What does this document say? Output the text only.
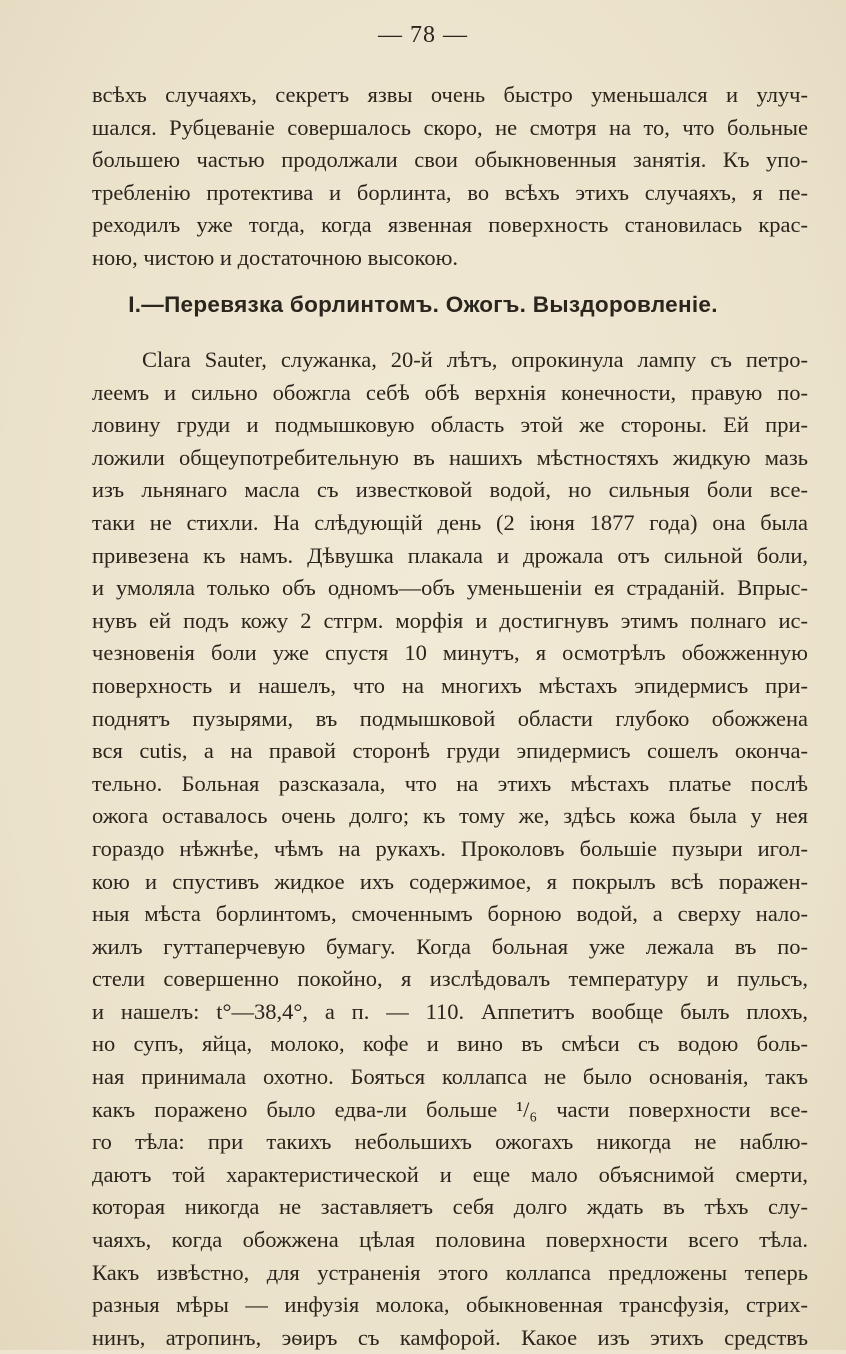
— 78 —
всѣхъ случаяхъ, секретъ язвы очень быстро уменьшался и улуч-
шался. Рубцеваніе совершалось скоро, не смотря на то, что больные
большею частью продолжали свои обыкновенныя занятія. Къ упо-
требленію протектива и борлинта, во всѣхъ этихъ случаяхъ, я пе-
реходилъ уже тогда, когда язвенная поверхность становилась крас-
ною, чистою и достаточною высокою.
I.—Перевязка борлинтомъ. Ожогъ. Выздоровленіе.
Clara Sauter, служанка, 20-й лѣтъ, опрокинула лампу съ петро-
леемъ и сильно обожгла себѣ обѣ верхнія конечности, правую по-
ловину груди и подмышковую область этой же стороны. Ей при-
ложили общеупотребительную въ нашихъ мѣстностяхъ жидкую мазь
изъ льнянаго масла съ известковой водой, но сильныя боли все-
таки не стихли. На слѣдующій день (2 іюня 1877 года) она была
привезена къ намъ. Дѣвушка плакала и дрожала отъ сильной боли,
и умоляла только объ одномъ—объ уменьшеніи ея страданій. Впрыс-
нувъ ей подъ кожу 2 стгрм. морфія и достигнувъ этимъ полнаго ис-
чезновенія боли уже спустя 10 минутъ, я осмотрѣлъ обожженную
поверхность и нашелъ, что на многихъ мѣстахъ эпидермисъ при-
поднятъ пузырями, въ подмышковой области глубоко обожжена
вся cutis, а на правой сторонѣ груди эпидермисъ сошелъ оконча-
тельно. Больная разсказала, что на этихъ мѣстахъ платье послѣ
ожога оставалось очень долго; къ тому же, здѣсь кожа была у нея
гораздо нѣжнѣе, чѣмъ на рукахъ. Проколовъ большіе пузыри игол-
кою и спустивъ жидкое ихъ содержимое, я покрылъ всѣ поражен-
ныя мѣста борлинтомъ, смоченнымъ борною водой, а сверху нало-
жилъ гуттаперчевую бумагу. Когда больная уже лежала въ по-
стели совершенно покойно, я изслѣдовалъ температуру и пульсъ,
и нашелъ: t°—38,4°, а п. — 110. Аппетитъ вообще былъ плохъ,
но супъ, яйца, молоко, кофе и вино въ смѣси съ водою боль-
ная принимала охотно. Бояться коллапса не было основанія, такъ
какъ поражено было едва-ли больше ¹/₆ части поверхности все-
го тѣла: при такихъ небольшихъ ожогахъ никогда не наблю-
даютъ той характеристической и еще мало объяснимой смерти,
которая никогда не заставляетъ себя долго ждать въ тѣхъ слу-
чаяхъ, когда обожжена цѣлая половина поверхности всего тѣла.
Какъ извѣстно, для устраненія этого коллапса предложены теперь
разныя мѣры — инфузія молока, обыкновенная трансфузія, стрих-
нинъ, атропинъ, эѳиръ съ камфорой. Какое изъ этихъ средствъ
